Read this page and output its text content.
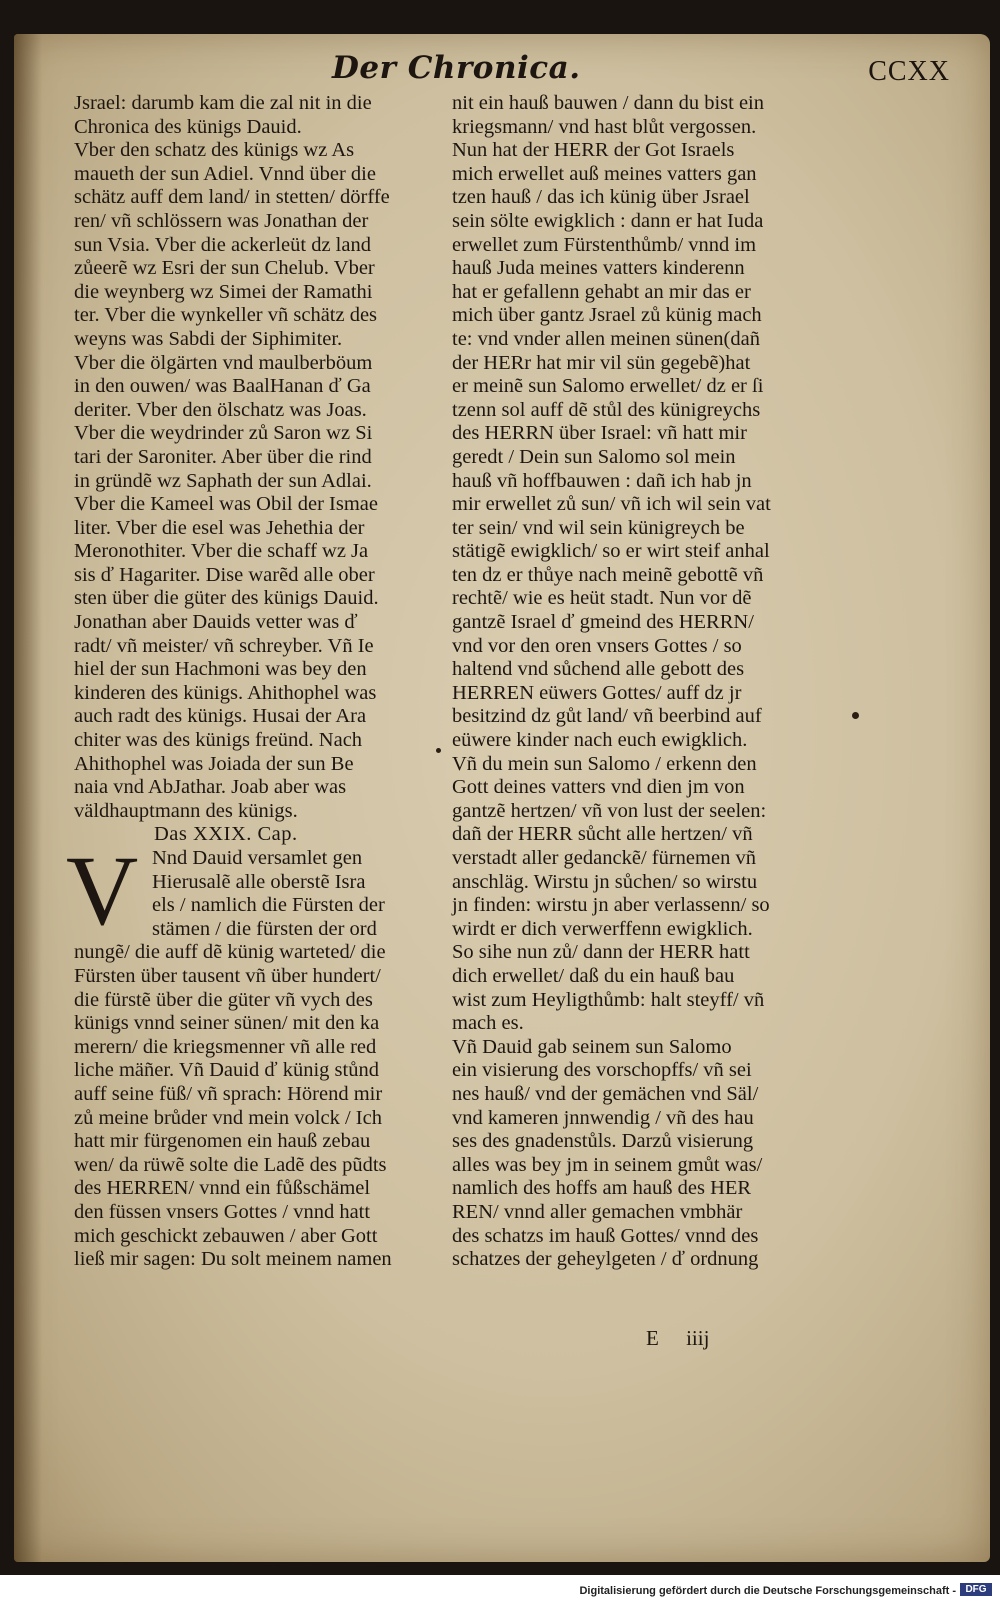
Der Chronica.	CCXX
Jsrael: darumb kam die zal nit in die
Chronica des künigs Dauid.
Vber den schatz des künigs wz As
maueth der sun Adiel. Vnnd über die
schätz auff dem land/ in stetten/ dörffe
ren/ vñ schlössern was Jonathan der
sun Vsia. Vber die ackerleüt dz land
zůeerẽ wz Esri der sun Chelub. Vber
die weynberg wz Simei der Ramathi
ter. Vber die wynkeller vñ schätz des
weyns was Sabdi der Siphimiter.
Vber die ölgärten vnd maulberböum
in den ouwen/ was BaalHanan ď Ga
deriter. Vber den ölschatz was Joas.
Vber die weydrinder zů Saron wz Si
tari der Saroniter. Aber über die rind
in gründẽ wz Saphath der sun Adlai.
Vber die Kameel was Obil der Ismae
liter. Vber die esel was Jehethia der
Meronothiter. Vber die schaff wz Ja
sis ď Hagariter. Dise warẽd alle ober
sten über die güter des künigs Dauid.
Jonathan aber Dauids vetter was ď
radt/ vñ meister/ vñ schreyber. Vñ Ie
hiel der sun Hachmoni was bey den
kinderen des künigs. Ahithophel was
auch radt des künigs. Husai der Ara
chiter was des künigs freünd. Nach
Ahithophel was Joiada der sun Be
naia vnd AbJathar. Joab aber was
väldhauptmann des künigs.
Das XXIX. Cap.
V Nnd Dauid versamlet gen
Hierusalẽ alle oberstẽ Isra
els / namlich die Fürsten der
stämen / die fürsten der ord
nungẽ/ die auff dẽ künig warteted/ die
Fürsten über tausent vñ über hundert/
die fürstẽ über die güter vñ vych des
künigs vnnd seiner sünen/ mit den ka
merern/ die kriegsmenner vñ alle red
liche mäñer. Vñ Dauid ď künig stůnd
auff seine füß/ vñ sprach: Hörend mir
zů meine brůder vnd mein volck / Ich
hatt mir fürgenomen ein hauß zebau
wen/ da rüwẽ solte die Ladẽ des pũdts
des HERREN/ vnnd ein fůßschämel
den füssen vnsers Gottes / vnnd hatt
mich geschickt zebauwen / aber Gott
ließ mir sagen: Du solt meinem namen
nit ein hauß bauwen / dann du bist ein
kriegsmann/ vnd hast blůt vergossen.
Nun hat der HERR der Got Israels
mich erwellet auß meines vatters gan
tzen hauß / das ich künig über Jsrael
sein sölte ewigklich : dann er hat Iuda
erwellet zum Fürstenthůmb/ vnnd im
hauß Juda meines vatters kinderenn
hat er gefallenn gehabt an mir das er
mich über gantz Jsrael zů künig mach
te: vnd vnder allen meinen sünen(dañ
der HERr hat mir vil sün gegebẽ)hat
er meinẽ sun Salomo erwellet/ dz er ſi
tzenn sol auff dẽ stůl des künigreychs
des HERRN über Israel: vñ hatt mir
geredt / Dein sun Salomo sol mein
hauß vñ hoffbauwen : dañ ich hab jn
mir erwellet zů sun/ vñ ich wil sein vat
ter sein/ vnd wil sein künigreych be
stätigẽ ewigklich/ so er wirt steif anhal
ten dz er thůye nach meinẽ gebottẽ vñ
rechtẽ/ wie es heüt stadt. Nun vor dẽ
gantzẽ Israel ď gmeind des HERRN/
vnd vor den oren vnsers Gottes / so
haltend vnd sůchend alle gebott des
HERREN eüwers Gottes/ auff dz jr
besitzind dz gůt land/ vñ beerbind auf
eüwere kinder nach euch ewigklich.
Vñ du mein sun Salomo / erkenn den
Gott deines vatters vnd dien jm von
gantzẽ hertzen/ vñ von lust der seelen:
dañ der HERR sůcht alle hertzen/ vñ
verstadt aller gedanckẽ/ fürnemen vñ
anschläg. Wirstu jn sůchen/ so wirstu
jn finden: wirstu jn aber verlassenn/ so
wirdt er dich verwerffenn ewigklich.
So sihe nun zů/ dann der HERR hatt
dich erwellet/ daß du ein hauß bau
wist zum Heyligthůmb: halt steyff/ vñ
mach es.
Vñ Dauid gab seinem sun Salomo
ein visierung des vorschopffs/ vñ sei
nes hauß/ vnd der gemächen vnd Säl/
vnd kameren jnnwendig / vñ des hau
ses des gnadenstůls. Darzů visierung
alles was bey jm in seinem gmůt was/
namlich des hoffs am hauß des HER
REN/ vnnd aller gemachen vmbhär
des schatzs im hauß Gottes/ vnnd des
schatzes der geheylgeten / ď ordnung
E iiij
Digitalisierung gefördert durch die Deutsche Forschungsgemeinschaft - DFG
